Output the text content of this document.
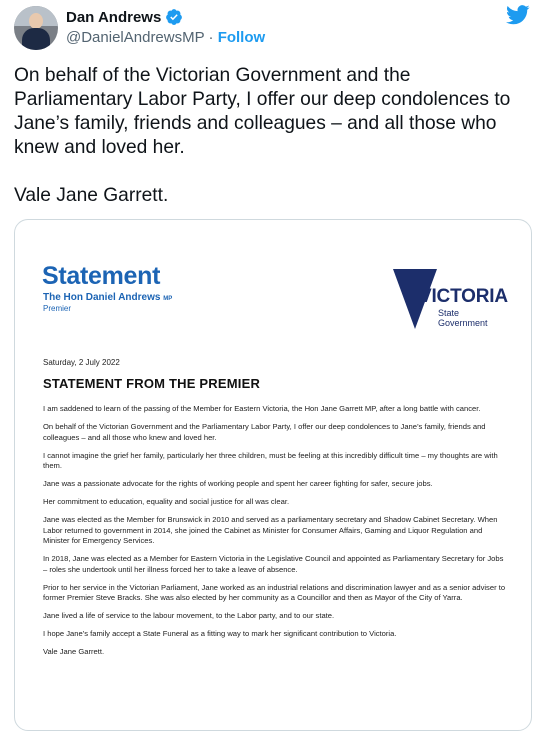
Dan Andrews
@DanielAndrewsMP · Follow

On behalf of the Victorian Government and the Parliamentary Labor Party, I offer our deep condolences to Jane’s family, friends and colleagues – and all those who knew and loved her.

Vale Jane Garrett.

Statement
The Hon Daniel Andrews MP
Premier
VICTORIA
State
Government
Saturday, 2 July 2022
STATEMENT FROM THE PREMIER

I am saddened to learn of the passing of the Member for Eastern Victoria, the Hon Jane Garrett MP, after a long battle with cancer.

On behalf of the Victorian Government and the Parliamentary Labor Party, I offer our deep condolences to Jane’s family, friends and colleagues – and all those who knew and loved her.

I cannot imagine the grief her family, particularly her three children, must be feeling at this incredibly difficult time – my thoughts are with them.

Jane was a passionate advocate for the rights of working people and spent her career fighting for safer, secure jobs.

Her commitment to education, equality and social justice for all was clear.

Jane was elected as the Member for Brunswick in 2010 and served as a parliamentary secretary and Shadow Cabinet Secretary. When Labor returned to government in 2014, she joined the Cabinet as Minister for Consumer Affairs, Gaming and Liquor Regulation and Minister for Emergency Services.

In 2018, Jane was elected as a Member for Eastern Victoria in the Legislative Council and appointed as Parliamentary Secretary for Jobs – roles she undertook until her illness forced her to take a leave of absence.

Prior to her service in the Victorian Parliament, Jane worked as an industrial relations and discrimination lawyer and as a senior adviser to former Premier Steve Bracks. She was also elected by her community as a Councillor and then as Mayor of the City of Yarra.

Jane lived a life of service to the labour movement, to the Labor party, and to our state.

I hope Jane’s family accept a State Funeral as a fitting way to mark her significant contribution to Victoria.

Vale Jane Garrett.
